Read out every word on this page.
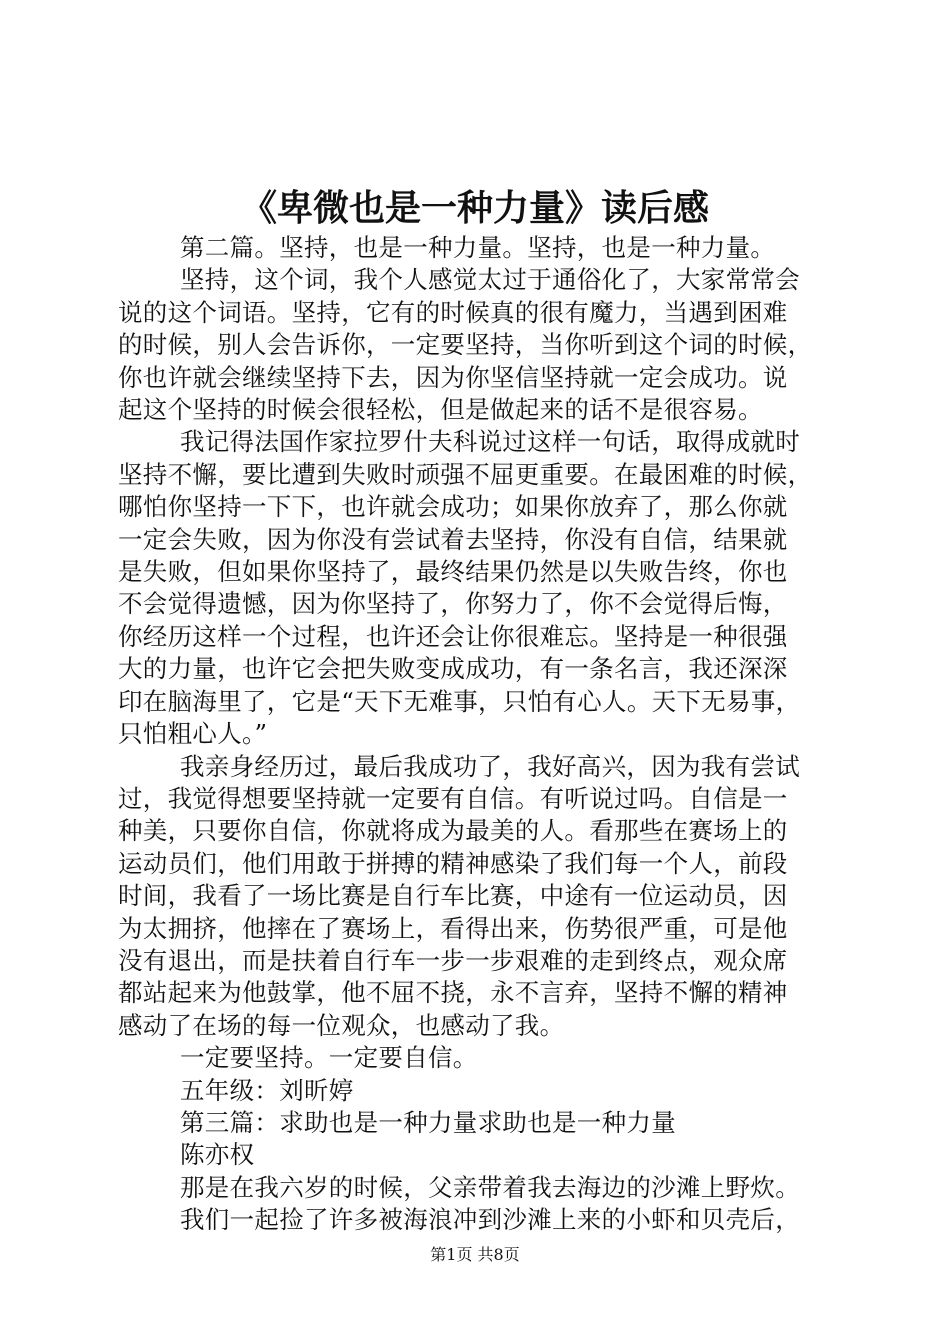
《卑微也是一种力量》读后感
第二篇。坚持，也是一种力量。坚持，也是一种力量。
坚持，这个词，我个人感觉太过于通俗化了，大家常常会
说的这个词语。坚持，它有的时候真的很有魔力，当遇到困难
的时候，别人会告诉你，一定要坚持，当你听到这个词的时候，
你也许就会继续坚持下去，因为你坚信坚持就一定会成功。说
起这个坚持的时候会很轻松，但是做起来的话不是很容易。
我记得法国作家拉罗什夫科说过这样一句话，取得成就时
坚持不懈，要比遭到失败时顽强不屈更重要。在最困难的时候，
哪怕你坚持一下下，也许就会成功；如果你放弃了，那么你就
一定会失败，因为你没有尝试着去坚持，你没有自信，结果就
是失败，但如果你坚持了，最终结果仍然是以失败告终，你也
不会觉得遗憾，因为你坚持了，你努力了，你不会觉得后悔，
你经历这样一个过程，也许还会让你很难忘。坚持是一种很强
大的力量，也许它会把失败变成成功，有一条名言，我还深深
印在脑海里了，它是“天下无难事，只怕有心人。天下无易事，
只怕粗心人。”
我亲身经历过，最后我成功了，我好高兴，因为我有尝试
过，我觉得想要坚持就一定要有自信。有听说过吗。自信是一
种美，只要你自信，你就将成为最美的人。看那些在赛场上的
运动员们，他们用敢于拼搏的精神感染了我们每一个人，前段
时间，我看了一场比赛是自行车比赛，中途有一位运动员，因
为太拥挤，他摔在了赛场上，看得出来，伤势很严重，可是他
没有退出，而是扶着自行车一步一步艰难的走到终点，观众席
都站起来为他鼓掌，他不屈不挠，永不言弃，坚持不懈的精神
感动了在场的每一位观众，也感动了我。
一定要坚持。一定要自信。
五年级：刘昕婷
第三篇：求助也是一种力量求助也是一种力量
陈亦权
那是在我六岁的时候，父亲带着我去海边的沙滩上野炊。
我们一起捡了许多被海浪冲到沙滩上来的小虾和贝壳后，
第1页 共8页
